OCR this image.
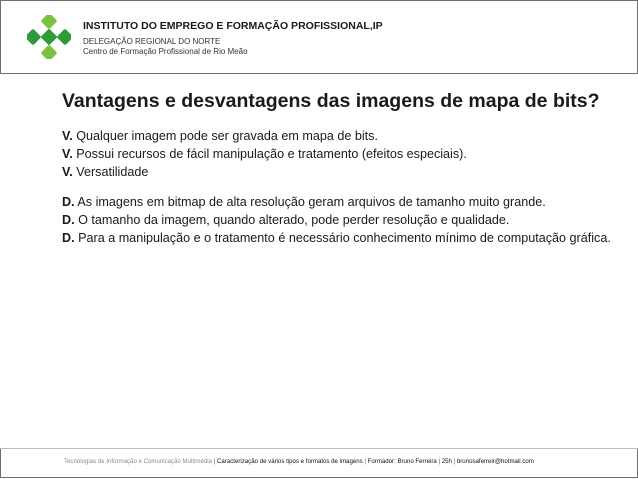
INSTITUTO DO EMPREGO E FORMAÇÃO PROFISSIONAL,IP
DELEGAÇÃO REGIONAL DO NORTE
Centro de Formação Profissional de Rio Meão
Vantagens e desvantagens das imagens de mapa de bits?
V. Qualquer imagem pode ser gravada em mapa de bits.
V. Possui recursos de fácil manipulação e tratamento (efeitos especiais).
V. Versatilidade
D. As imagens em bitmap de alta resolução geram arquivos de tamanho muito grande.
D. O tamanho da imagem, quando alterado, pode perder resolução e qualidade.
D. Para a manipulação e o tratamento é necessário conhecimento mínimo de computação gráfica.
Tecnologias de Informação e Comunicação Multimédia | Caracterização de vários tipos e formatos de imagens | Formador: Bruno Ferreira | 25h | brunosaferreir@hotmail.com
